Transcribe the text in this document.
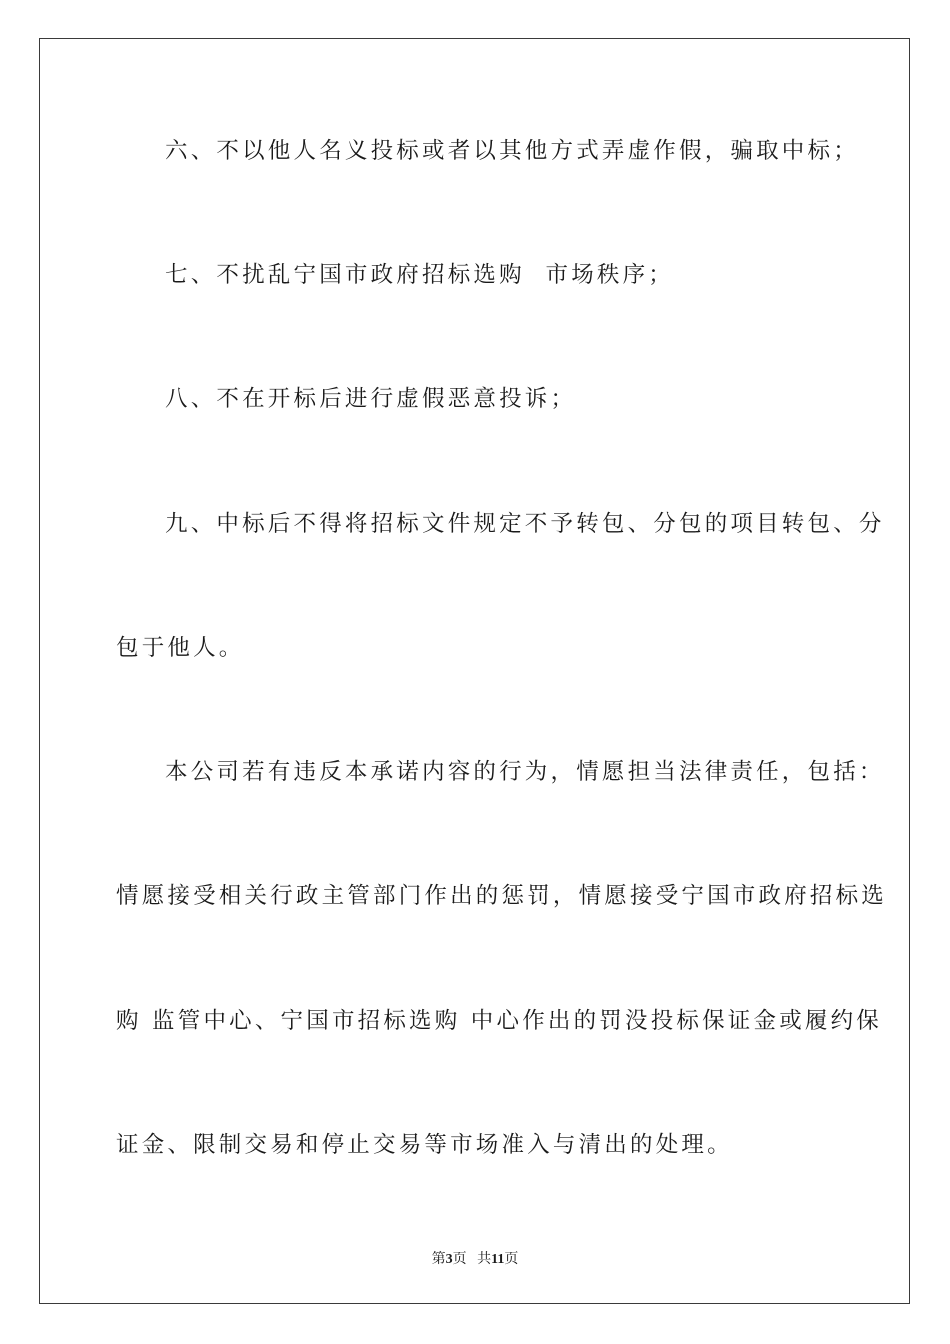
六、不以他人名义投标或者以其他方式弄虚作假，骗取中标；
七、不扰乱宁国市政府招标选购  市场秩序；
八、不在开标后进行虚假恶意投诉；
九、中标后不得将招标文件规定不予转包、分包的项目转包、分
包于他人。
本公司若有违反本承诺内容的行为，情愿担当法律责任，包括：
情愿接受相关行政主管部门作出的惩罚，情愿接受宁国市政府招标选
购 监管中心、宁国市招标选购 中心作出的罚没投标保证金或履约保
证金、限制交易和停止交易等市场准入与清出的处理。
第3页 共11页
